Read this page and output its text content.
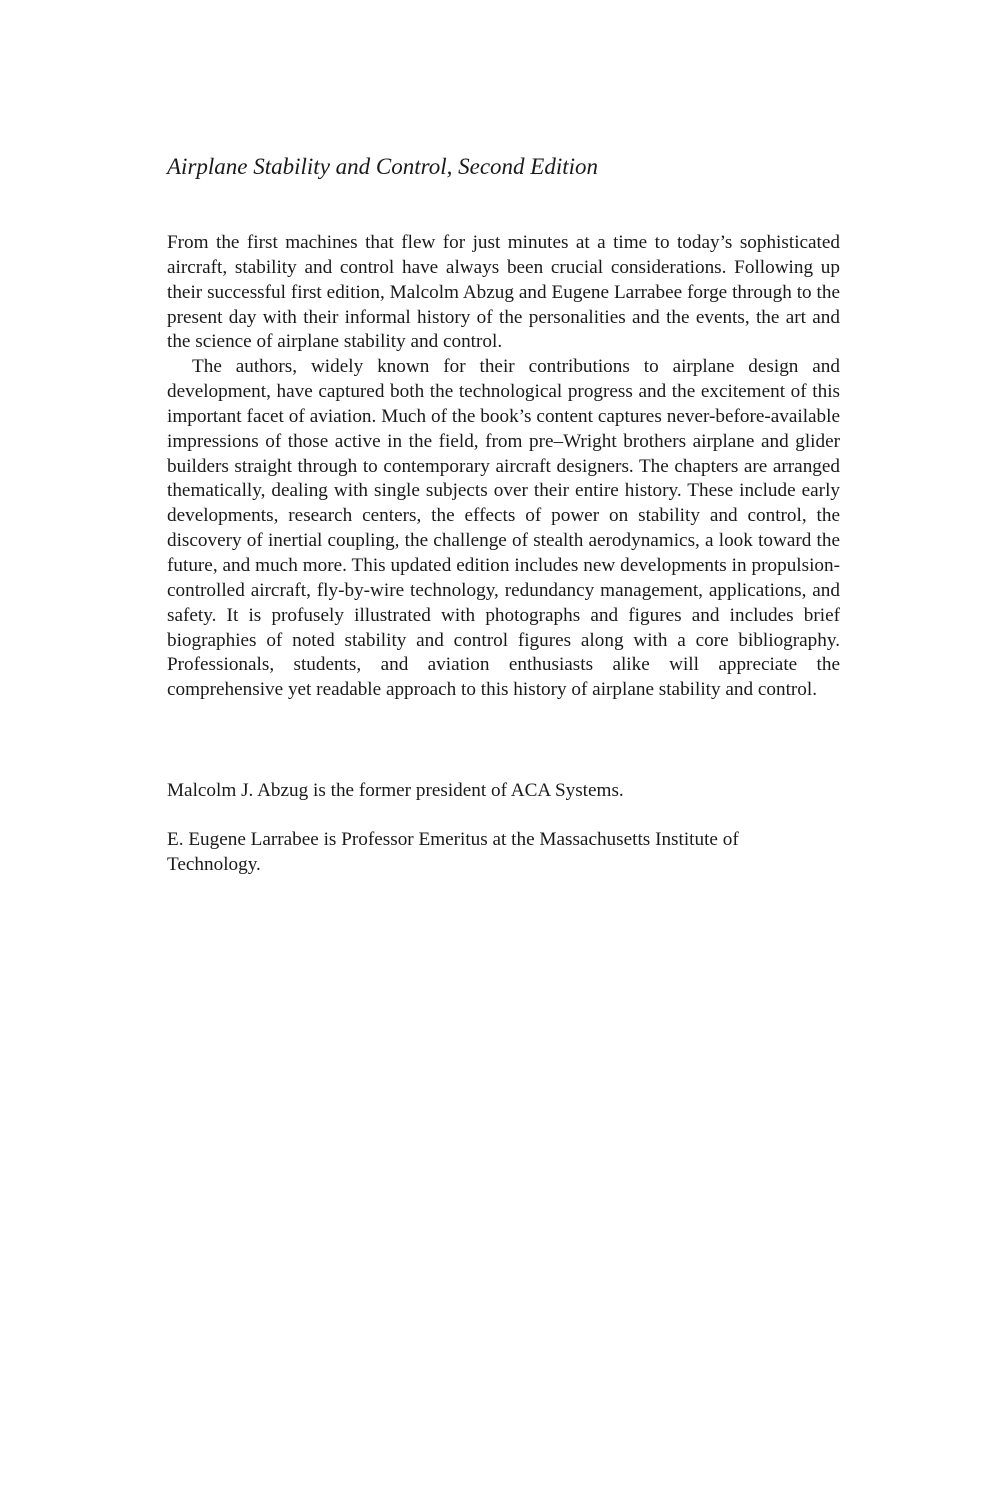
Airplane Stability and Control, Second Edition

From the first machines that flew for just minutes at a time to today’s sophisticated aircraft, stability and control have always been crucial considerations. Following up their successful first edition, Malcolm Abzug and Eugene Larrabee forge through to the present day with their informal history of the personalities and the events, the art and the science of airplane stability and control.

The authors, widely known for their contributions to airplane design and development, have captured both the technological progress and the excitement of this important facet of aviation. Much of the book’s content captures never-before-available impressions of those active in the field, from pre–Wright brothers airplane and glider builders straight through to contemporary aircraft designers. The chapters are arranged thematically, dealing with single subjects over their entire history. These include early developments, research centers, the effects of power on stability and control, the discovery of inertial coupling, the challenge of stealth aerodynamics, a look toward the future, and much more. This updated edition includes new developments in propulsion-controlled aircraft, fly-by-wire technology, redundancy management, applications, and safety. It is profusely illustrated with photographs and figures and includes brief biographies of noted stability and control figures along with a core bibliography. Professionals, students, and aviation enthusiasts alike will appreciate the comprehensive yet readable approach to this history of airplane stability and control.

Malcolm J. Abzug is the former president of ACA Systems.

E. Eugene Larrabee is Professor Emeritus at the Massachusetts Institute of Technology.
